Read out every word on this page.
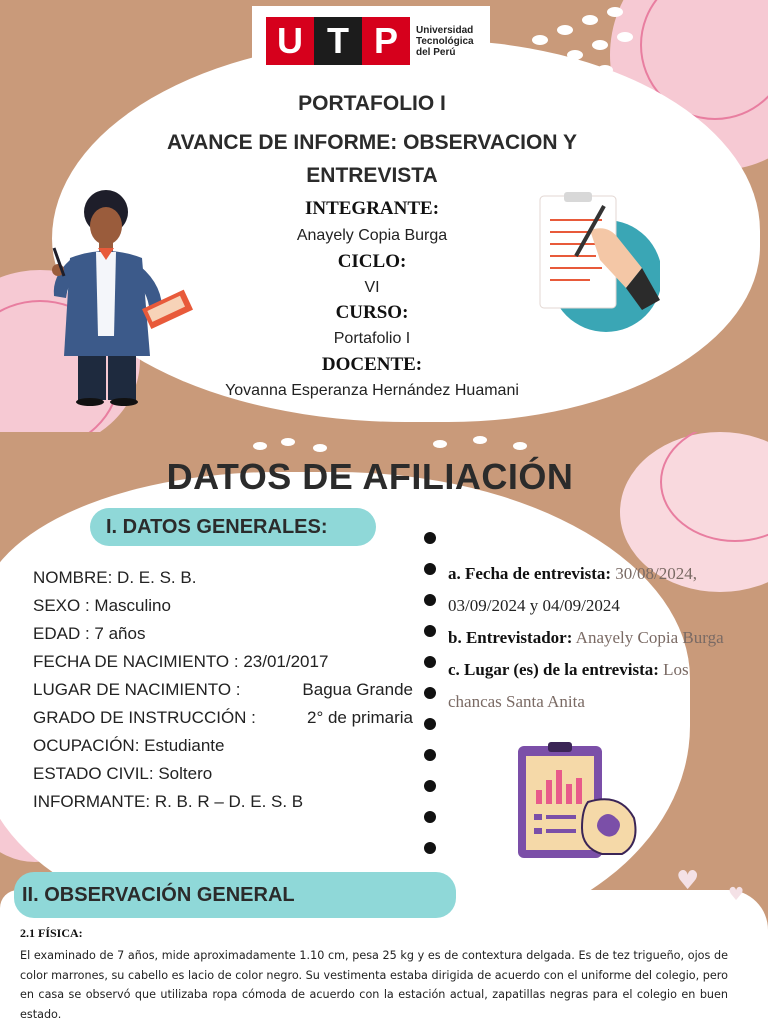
U T P	Universidad
Tecnológica
del Perú
PORTAFOLIO I
AVANCE DE INFORME: OBSERVACION Y
ENTREVISTA
INTEGRANTE:
Anayely Copia Burga
CICLO:
VI
CURSO:
Portafolio I
DOCENTE:
Yovanna Esperanza Hernández Huamani
DATOS DE AFILIACIÓN
I. DATOS GENERALES:
NOMBRE: D. E. S. B.
SEXO : Masculino
EDAD : 7 años
FECHA DE NACIMIENTO : 23/01/2017
LUGAR DE NACIMIENTO :	Bagua Grande
GRADO DE INSTRUCCIÓN :	2° de primaria
OCUPACIÓN: Estudiante
ESTADO CIVIL: Soltero
INFORMANTE: R. B. R – D. E. S. B
a. Fecha de entrevista: 30/08/2024,
03/09/2024 y 04/09/2024
b. Entrevistador: Anayely Copia Burga
c. Lugar (es) de la entrevista: Los
chancas Santa Anita
♥ ♥
♡ ♡
II. OBSERVACIÓN GENERAL
2.1 FÍSICA:
El examinado de 7 años, mide aproximadamente 1.10 cm, pesa 25 kg y es de contextura delgada. Es de tez trigueño, ojos de color marrones, su cabello es lacio de color negro. Su vestimenta estaba dirigida de acuerdo con el uniforme del colegio, pero en casa se observó que utilizaba ropa cómoda de acuerdo con la estación actual, zapatillas negras para el colegio en buen estado.
